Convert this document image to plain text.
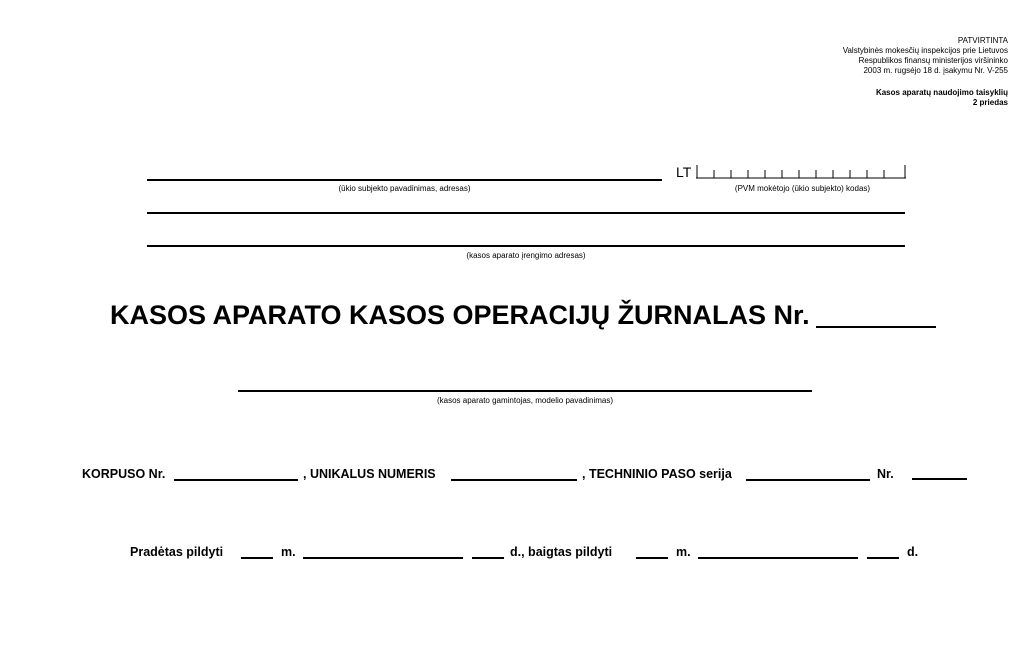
PATVIRTINTA
Valstybinės mokesčių inspekcijos prie Lietuvos
Respublikos finansų ministerijos viršininko
2003 m. rugsėjo 18 d. įsakymu Nr. V-255
Kasos aparatų naudojimo taisyklių
2 priedas
(ūkio subjekto pavadinimas, adresas)
LT
(PVM mokėtojo (ūkio subjekto) kodas)
(kasos aparato įrengimo adresas)
KASOS APARATO KASOS OPERACIJŲ ŽURNALAS Nr.
(kasos aparato gamintojas, modelio pavadinimas)
KORPUSO Nr.	, UNIKALUS NUMERIS	, TECHNINIO PASO serija	Nr.
Pradėtas pildyti	m.	d., baigtas pildyti	m.	d.
